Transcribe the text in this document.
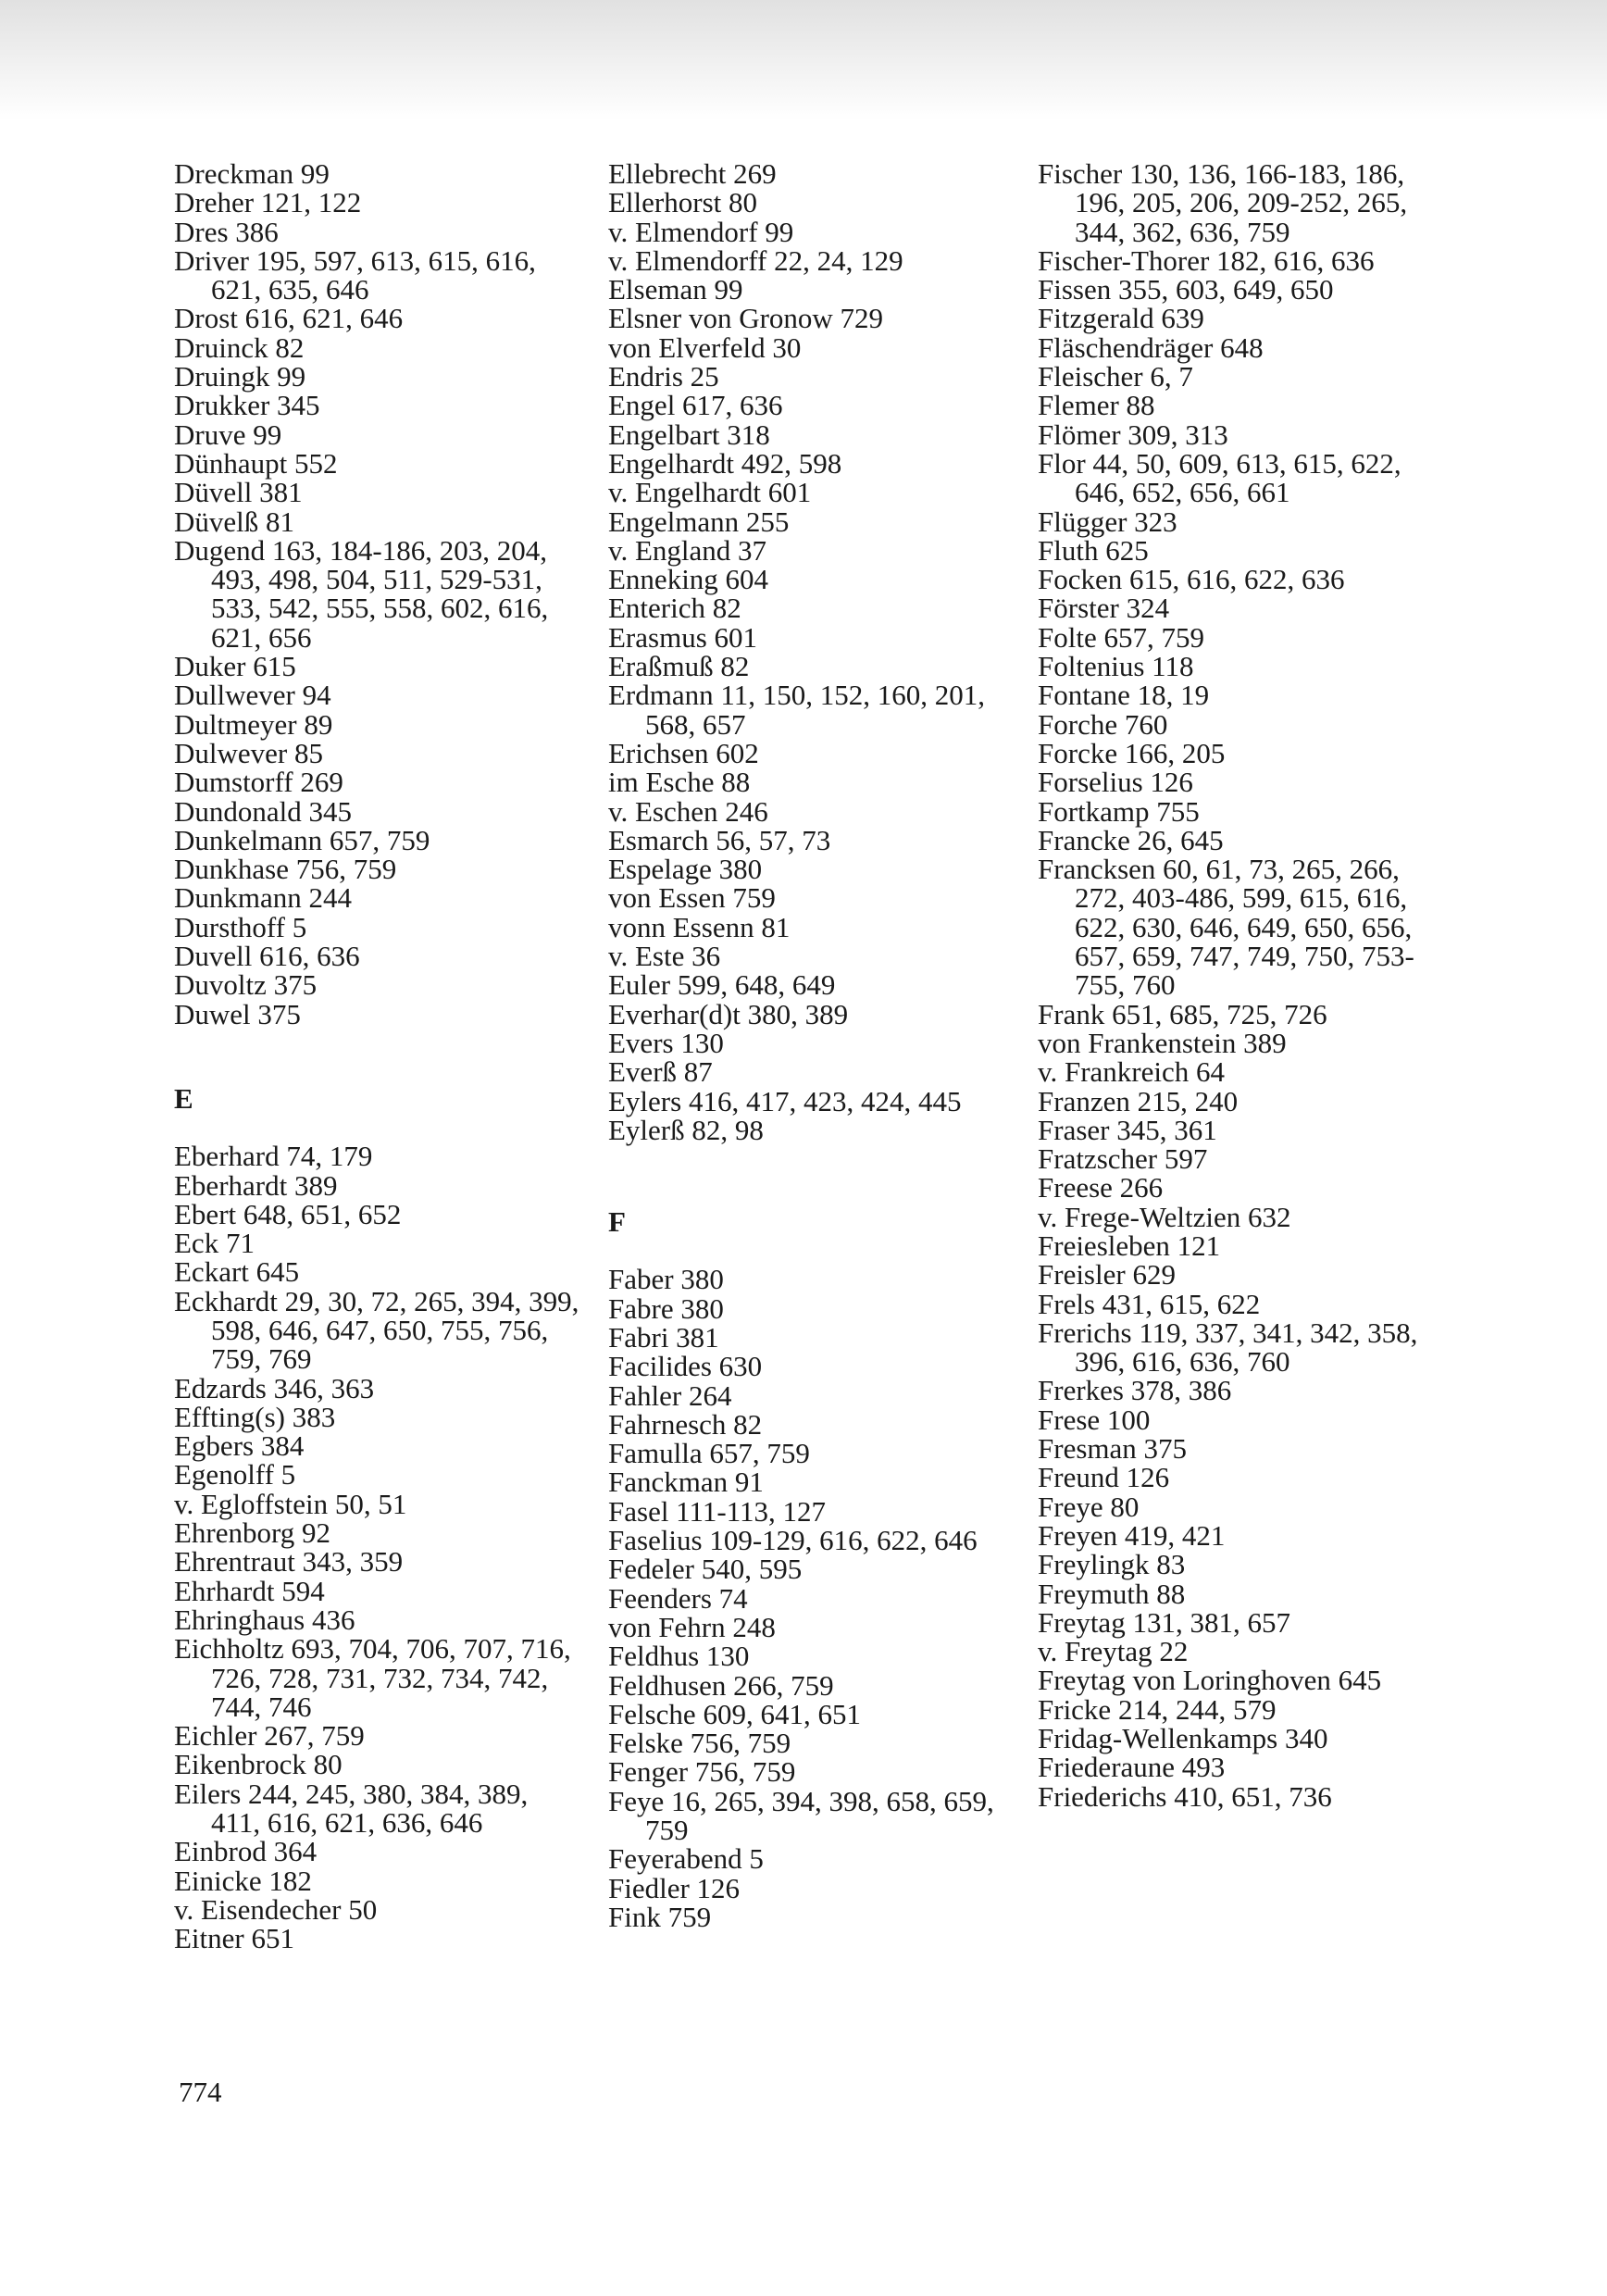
Dreckman 99
Dreher 121, 122
Dres 386
Driver 195, 597, 613, 615, 616, 621, 635, 646
Drost 616, 621, 646
Druinck 82
Druingk 99
Drukker 345
Druve 99
Dünhaupt 552
Düvell 381
Düvelß 81
Dugend 163, 184-186, 203, 204, 493, 498, 504, 511, 529-531, 533, 542, 555, 558, 602, 616, 621, 656
Duker 615
Dullwever 94
Dultmeyer 89
Dulwever 85
Dumstorff 269
Dundonald 345
Dunkelmann 657, 759
Dunkhase 756, 759
Dunkmann 244
Dursthoff 5
Duvell 616, 636
Duvoltz 375
Duwel 375
E
Eberhard 74, 179
Eberhardt 389
Ebert 648, 651, 652
Eck 71
Eckart 645
Eckhardt 29, 30, 72, 265, 394, 399, 598, 646, 647, 650, 755, 756, 759, 769
Edzards 346, 363
Effting(s) 383
Egbers 384
Egenolff 5
v. Egloffstein 50, 51
Ehrenborg 92
Ehrentraut 343, 359
Ehrhardt 594
Ehringhaus 436
Eichholtz 693, 704, 706, 707, 716, 726, 728, 731, 732, 734, 742, 744, 746
Eichler 267, 759
Eikenbrock 80
Eilers 244, 245, 380, 384, 389, 411, 616, 621, 636, 646
Einbrod 364
Einicke 182
v. Eisendecher 50
Eitner 651
Ellebrecht 269
Ellerhorst 80
v. Elmendorf 99
v. Elmendorff 22, 24, 129
Elseman 99
Elsner von Gronow 729
von Elverfeld 30
Endris 25
Engel 617, 636
Engelbart 318
Engelhardt 492, 598
v. Engelhardt 601
Engelmann 255
v. England 37
Enneking 604
Enterich 82
Erasmus 601
Eraßmuß 82
Erdmann 11, 150, 152, 160, 201, 568, 657
Erichsen 602
im Esche 88
v. Eschen 246
Esmarch 56, 57, 73
Espelage 380
von Essen 759
vonn Essenn 81
v. Este 36
Euler 599, 648, 649
Everhar(d)t 380, 389
Evers 130
Everß 87
Eylers 416, 417, 423, 424, 445
Eylerß 82, 98
F
Faber 380
Fabre 380
Fabri 381
Facilides 630
Fahler 264
Fahrnesch 82
Famulla 657, 759
Fanckman 91
Fasel 111-113, 127
Faselius 109-129, 616, 622, 646
Fedeler 540, 595
Feenders 74
von Fehrn 248
Feldhus 130
Feldhusen 266, 759
Felsche 609, 641, 651
Felske 756, 759
Fenger 756, 759
Feye 16, 265, 394, 398, 658, 659, 759
Feyerabend 5
Fiedler 126
Fink 759
Fischer 130, 136, 166-183, 186, 196, 205, 206, 209-252, 265, 344, 362, 636, 759
Fischer-Thorer 182, 616, 636
Fissen 355, 603, 649, 650
Fitzgerald 639
Fläschendräger 648
Fleischer 6, 7
Flemer 88
Flömer 309, 313
Flor 44, 50, 609, 613, 615, 622, 646, 652, 656, 661
Flügger 323
Fluth 625
Focken 615, 616, 622, 636
Förster 324
Folte 657, 759
Foltenius 118
Fontane 18, 19
Forche 760
Forcke 166, 205
Forselius 126
Fortkamp 755
Francke 26, 645
Francksen 60, 61, 73, 265, 266, 272, 403-486, 599, 615, 616, 622, 630, 646, 649, 650, 656, 657, 659, 747, 749, 750, 753-755, 760
Frank 651, 685, 725, 726
von Frankenstein 389
v. Frankreich 64
Franzen 215, 240
Fraser 345, 361
Fratzscher 597
Freese 266
v. Frege-Weltzien 632
Freiesleben 121
Freisler 629
Frels 431, 615, 622
Frerichs 119, 337, 341, 342, 358, 396, 616, 636, 760
Frerkes 378, 386
Frese 100
Fresman 375
Freund 126
Freye 80
Freyen 419, 421
Freylingk 83
Freymuth 88
Freytag 131, 381, 657
v. Freytag 22
Freytag von Loringhoven 645
Fricke 214, 244, 579
Fridag-Wellenkamps 340
Friederaune 493
Friederichs 410, 651, 736
774
